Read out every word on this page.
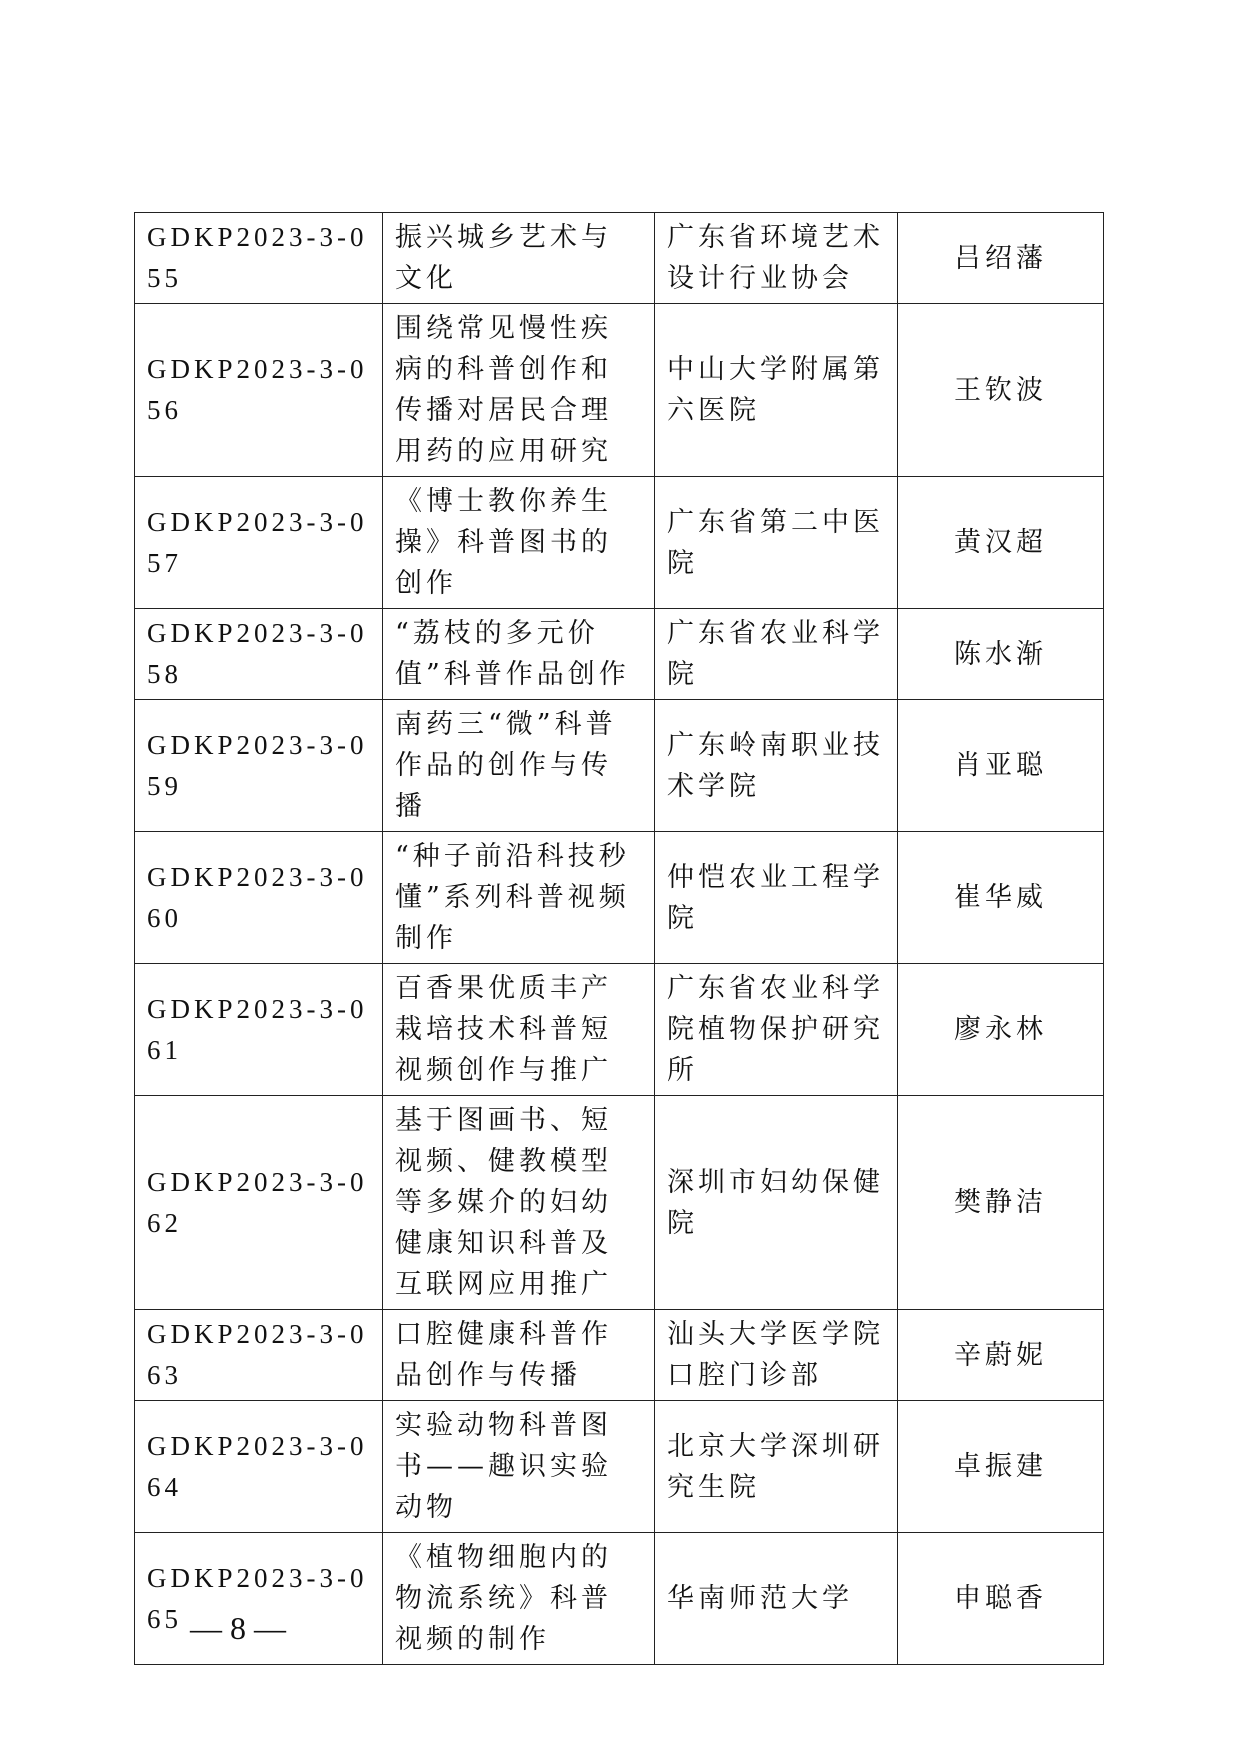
GDKP2023-3-055	振兴城乡艺术与文化	广东省环境艺术设计行业协会	吕绍藩
GDKP2023-3-056	围绕常见慢性疾病的科普创作和传播对居民合理用药的应用研究	中山大学附属第六医院	王钦波
GDKP2023-3-057	《博士教你养生操》科普图书的创作	广东省第二中医院	黄汉超
GDKP2023-3-058	“荔枝的多元价值”科普作品创作	广东省农业科学院	陈水渐
GDKP2023-3-059	南药三“微”科普作品的创作与传播	广东岭南职业技术学院	肖亚聪
GDKP2023-3-060	“种子前沿科技秒懂”系列科普视频制作	仲恺农业工程学院	崔华威
GDKP2023-3-061	百香果优质丰产栽培技术科普短视频创作与推广	广东省农业科学院植物保护研究所	廖永林
GDKP2023-3-062	基于图画书、短视频、健教模型等多媒介的妇幼健康知识科普及互联网应用推广	深圳市妇幼保健院	樊静洁
GDKP2023-3-063	口腔健康科普作品创作与传播	汕头大学医学院口腔门诊部	辛蔚妮
GDKP2023-3-064	实验动物科普图书——趣识实验动物	北京大学深圳研究生院	卓振建
GDKP2023-3-065	《植物细胞内的物流系统》科普视频的制作	华南师范大学	申聪香
— 8 —
